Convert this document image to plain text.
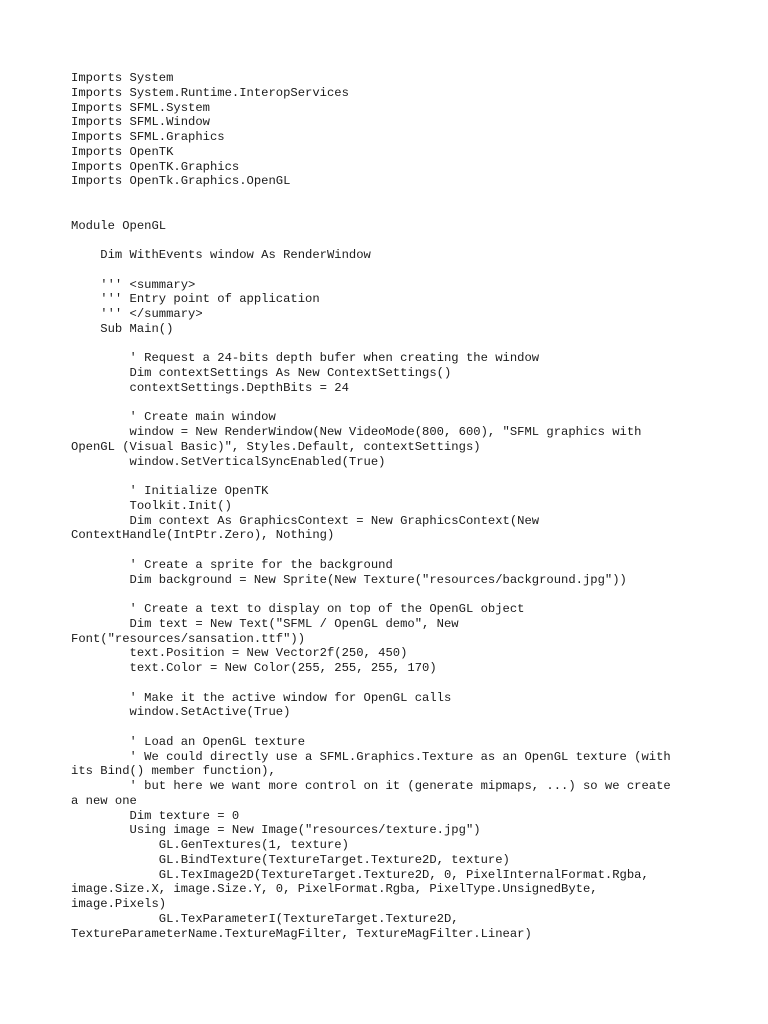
Imports System
Imports System.Runtime.InteropServices
Imports SFML.System
Imports SFML.Window
Imports SFML.Graphics
Imports OpenTK
Imports OpenTK.Graphics
Imports OpenTk.Graphics.OpenGL
Module OpenGL
Dim WithEvents window As RenderWindow
''' <summary>
''' Entry point of application
''' </summary>
Sub Main()
' Request a 24-bits depth bufer when creating the window
Dim contextSettings As New ContextSettings()
contextSettings.DepthBits = 24
' Create main window
window = New RenderWindow(New VideoMode(800, 600), "SFML graphics with
OpenGL (Visual Basic)", Styles.Default, contextSettings)
window.SetVerticalSyncEnabled(True)
' Initialize OpenTK
Toolkit.Init()
Dim context As GraphicsContext = New GraphicsContext(New
ContextHandle(IntPtr.Zero), Nothing)
' Create a sprite for the background
Dim background = New Sprite(New Texture("resources/background.jpg"))
' Create a text to display on top of the OpenGL object
Dim text = New Text("SFML / OpenGL demo", New
Font("resources/sansation.ttf"))
text.Position = New Vector2f(250, 450)
text.Color = New Color(255, 255, 255, 170)
' Make it the active window for OpenGL calls
window.SetActive(True)
' Load an OpenGL texture
' We could directly use a SFML.Graphics.Texture as an OpenGL texture (with
its Bind() member function),
' but here we want more control on it (generate mipmaps, ...) so we create
a new one
Dim texture = 0
Using image = New Image("resources/texture.jpg")
GL.GenTextures(1, texture)
GL.BindTexture(TextureTarget.Texture2D, texture)
GL.TexImage2D(TextureTarget.Texture2D, 0, PixelInternalFormat.Rgba,
image.Size.X, image.Size.Y, 0, PixelFormat.Rgba, PixelType.UnsignedByte,
image.Pixels)
GL.TexParameterI(TextureTarget.Texture2D,
TextureParameterName.TextureMagFilter, TextureMagFilter.Linear)
